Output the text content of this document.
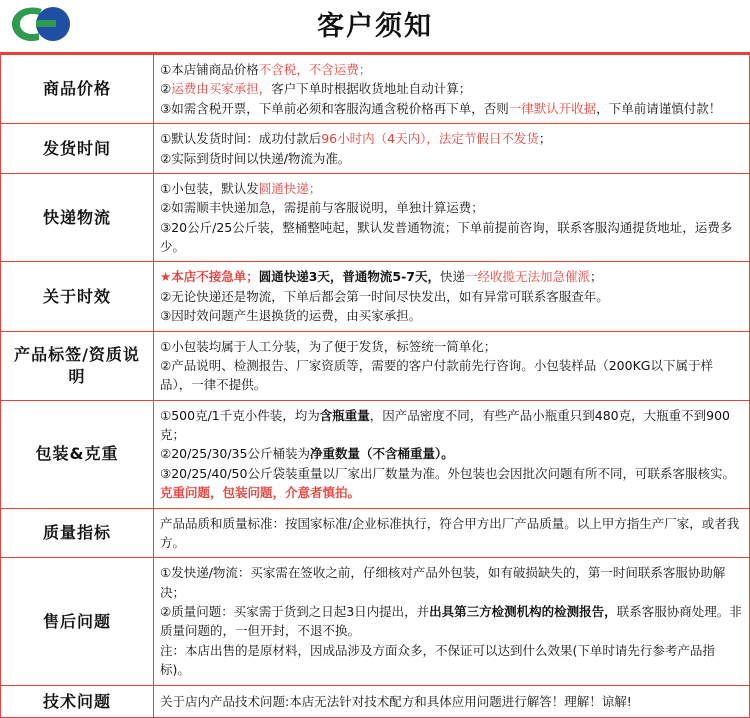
客户须知
商品价格	①本店铺商品价格不含税，不含运费；

②运费由买家承担，客户下单时根据收货地址自动计算；

③如需含税开票，下单前必须和客服沟通含税价格再下单，否则一律默认开收据，下单前请谨慎付款！

发货时间	①默认发货时间：成功付款后96小时内（4天内），法定节假日不发货；

②实际到货时间以快递/物流为准。

快递物流	①小包装，默认发圆通快递；

②如需顺丰快递加急，需提前与客服说明，单独计算运费；

③20公斤/25公斤装，整桶整吨起，默认发普通物流；下单前提前咨询，联系客服沟通提货地址，运费多少。

关于时效	★本店不接急单；圆通快递3天，普通物流5-7天，快递一经收揽无法加急催派；

②无论快递还是物流，下单后都会第一时间尽快发出，如有异常可联系客服查年。

③因时效问题产生退换货的运费，由买家承担。

产品标签/资质说明	①小包装均属于人工分装，为了便于发货，标签统一简单化；

②产品说明、检测报告、厂家资质等，需要的客户付款前先行咨询。小包装样品（200KG以下属于样品），一律不提供。

包装&克重	①500克/1千克小件装，均为含瓶重量，因产品密度不同，有些产品小瓶重只到480克，大瓶重不到900克；

②20/25/30/35公斤桶装为净重数量（不含桶重量）。

③20/25/40/50公斤袋装重量以厂家出厂数量为准。外包装也会因批次问题有所不同，可联系客服核实。

克重问题，包装问题，介意者慎拍。

质量指标	产品品质和质量标准：按国家标准/企业标准执行，符合甲方出厂产品质量。以上甲方指生产厂家，或者我方。

售后问题	①发快递/物流：买家需在签收之前，仔细核对产品外包装，如有破损缺失的，第一时间联系客服协助解决；

②质量问题：买家需于货到之日起3日内提出，并出具第三方检测机构的检测报告，联系客服协商处理。非质量问题的，一但开封，不退不换。

注：本店出售的是原材料，因成品涉及方面众多，不保证可以达到什么效果(下单时请先行参考产品指标)。

技术问题	关于店内产品技术问题:本店无法针对技术配方和具体应用问题进行解答！理解！谅解!
